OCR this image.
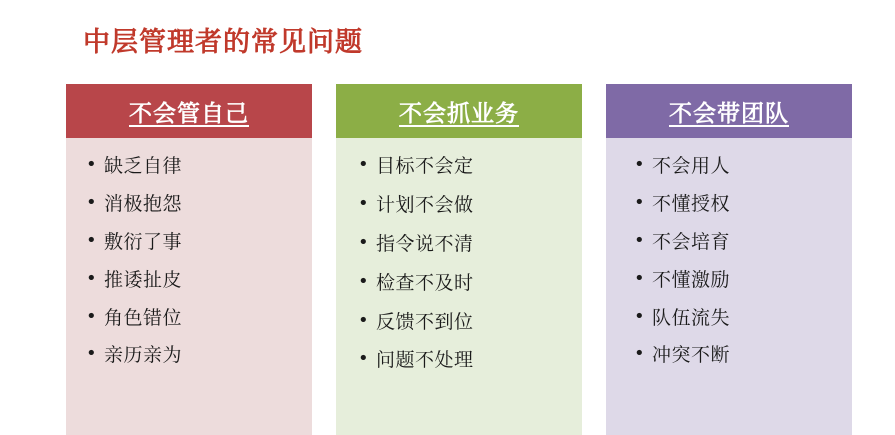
中层管理者的常见问题
不会管自己
• 缺乏自律
• 消极抱怨
• 敷衍了事
• 推诿扯皮
• 角色错位
• 亲历亲为
不会抓业务
• 目标不会定
• 计划不会做
• 指令说不清
• 检查不及时
• 反馈不到位
• 问题不处理
不会带团队
• 不会用人
• 不懂授权
• 不会培育
• 不懂激励
• 队伍流失
• 冲突不断
